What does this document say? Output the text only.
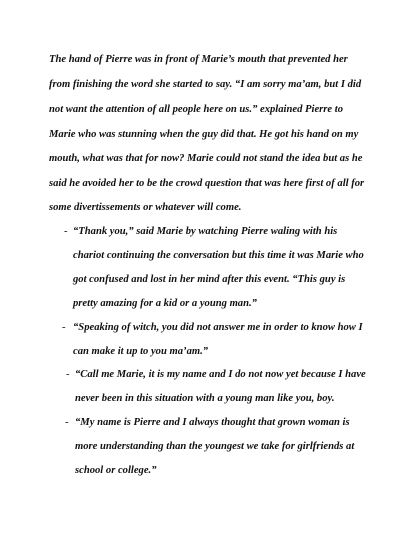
The hand of Pierre was in front of Marie’s mouth that prevented her
from finishing the word she started to say. “I am sorry ma’am, but I did
not want the attention of all people here on us.” explained Pierre to
Marie who was stunning when the guy did that. He got his hand on my
mouth, what was that for now? Marie could not stand the idea but as he
said he avoided her to be the crowd question that was here first of all for
some divertissements or whatever will come.
- “Thank you,” said Marie by watching Pierre waling with his
chariot continuing the conversation but this time it was Marie who
got confused and lost in her mind after this event. “This guy is
pretty amazing for a kid or a young man.”
- “Speaking of witch, you did not answer me in order to know how I
can make it up to you ma’am.”
- “Call me Marie, it is my name and I do not now yet because I have
never been in this situation with a young man like you, boy.
- “My name is Pierre and I always thought that grown woman is
more understanding than the youngest we take for girlfriends at
school or college.”
